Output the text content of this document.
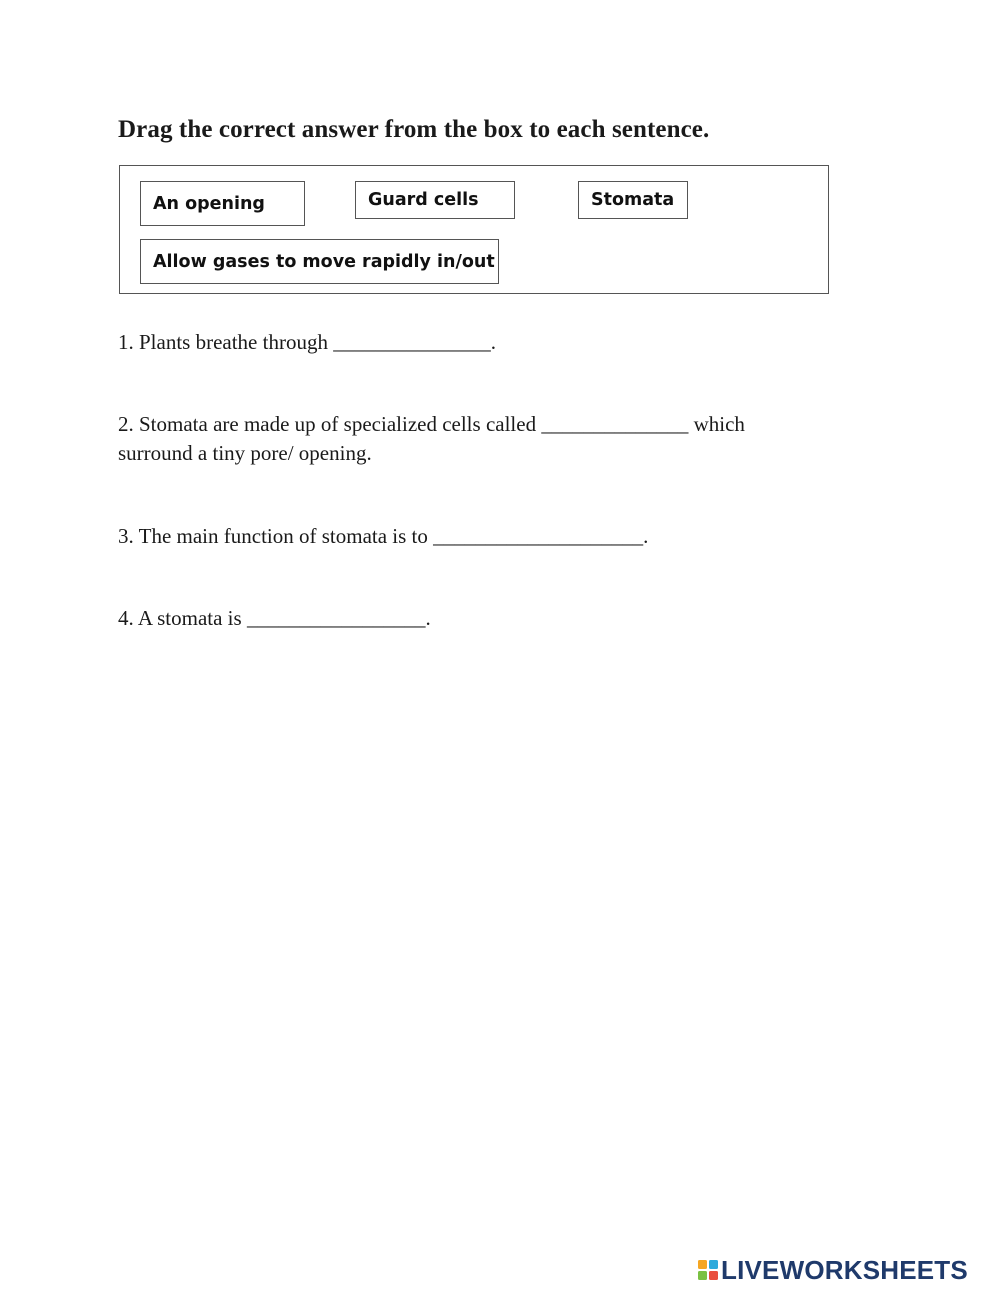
Drag the correct answer from the box to each sentence.
An opening	Guard cells	Stomata
Allow gases to move rapidly in/out

1. Plants breathe through _______________.

2. Stomata are made up of specialized cells called ______________ which surround a tiny pore/ opening.

3. The main function of stomata is to ____________________.

4. A stomata is _________________.

LIVEWORKSHEETS
